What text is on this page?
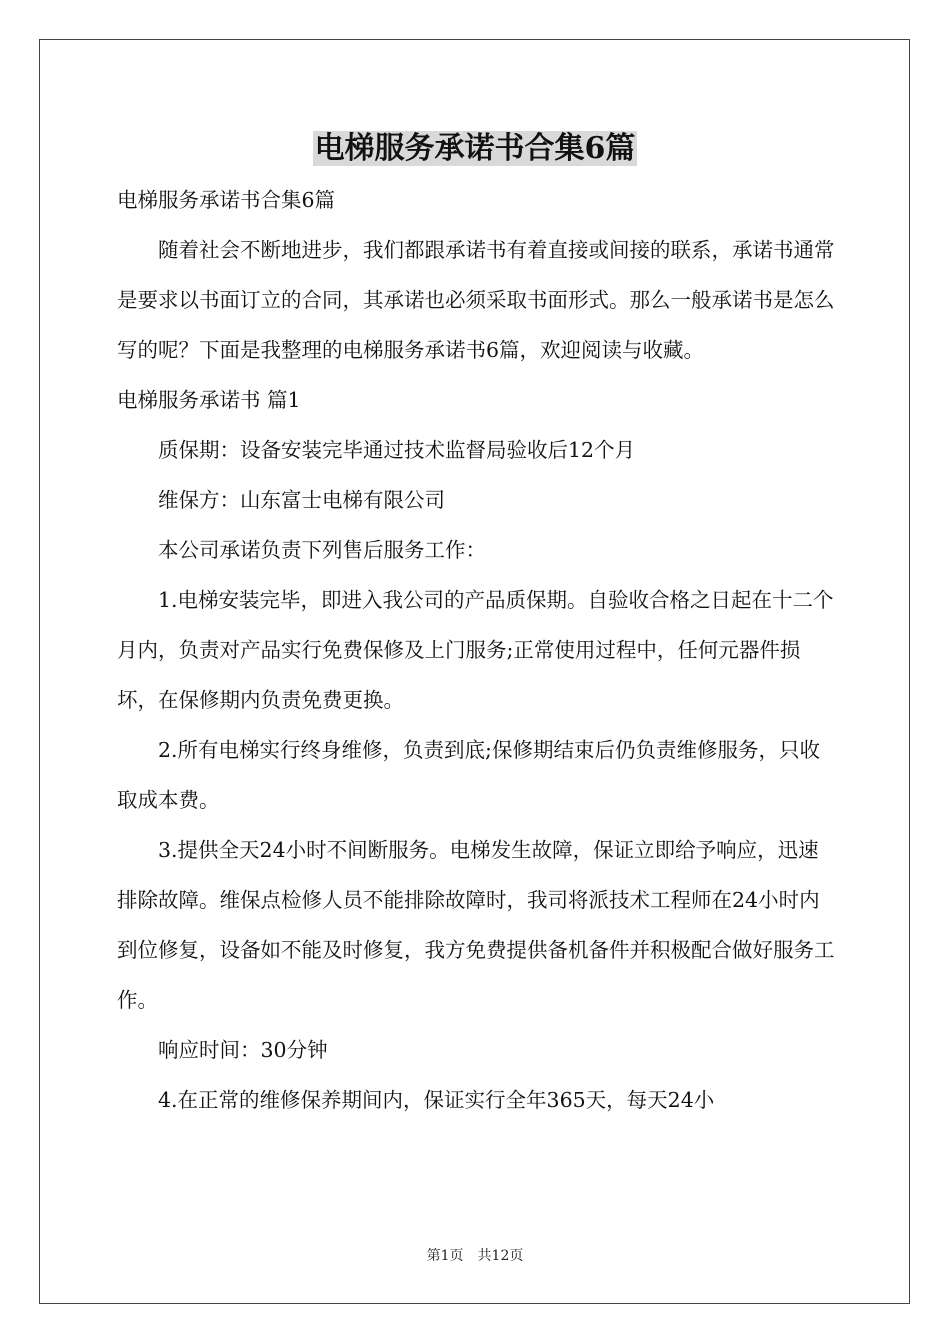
电梯服务承诺书合集6篇

电梯服务承诺书合集6篇

随着社会不断地进步，我们都跟承诺书有着直接或间接的联系，承诺书通常是要求以书面订立的合同，其承诺也必须采取书面形式。那么一般承诺书是怎么写的呢？下面是我整理的电梯服务承诺书6篇，欢迎阅读与收藏。

电梯服务承诺书 篇1

质保期：设备安装完毕通过技术监督局验收后12个月

维保方：山东富士电梯有限公司

本公司承诺负责下列售后服务工作：

1.电梯安装完毕，即进入我公司的产品质保期。自验收合格之日起在十二个月内，负责对产品实行免费保修及上门服务;正常使用过程中，任何元器件损坏，在保修期内负责免费更换。

2.所有电梯实行终身维修，负责到底;保修期结束后仍负责维修服务，只收取成本费。

3.提供全天24小时不间断服务。电梯发生故障，保证立即给予响应，迅速排除故障。维保点检修人员不能排除故障时，我司将派技术工程师在24小时内到位修复，设备如不能及时修复，我方免费提供备机备件并积极配合做好服务工作。

响应时间：30分钟

4.在正常的维修保养期间内，保证实行全年365天，每天24小

第1页 共12页
